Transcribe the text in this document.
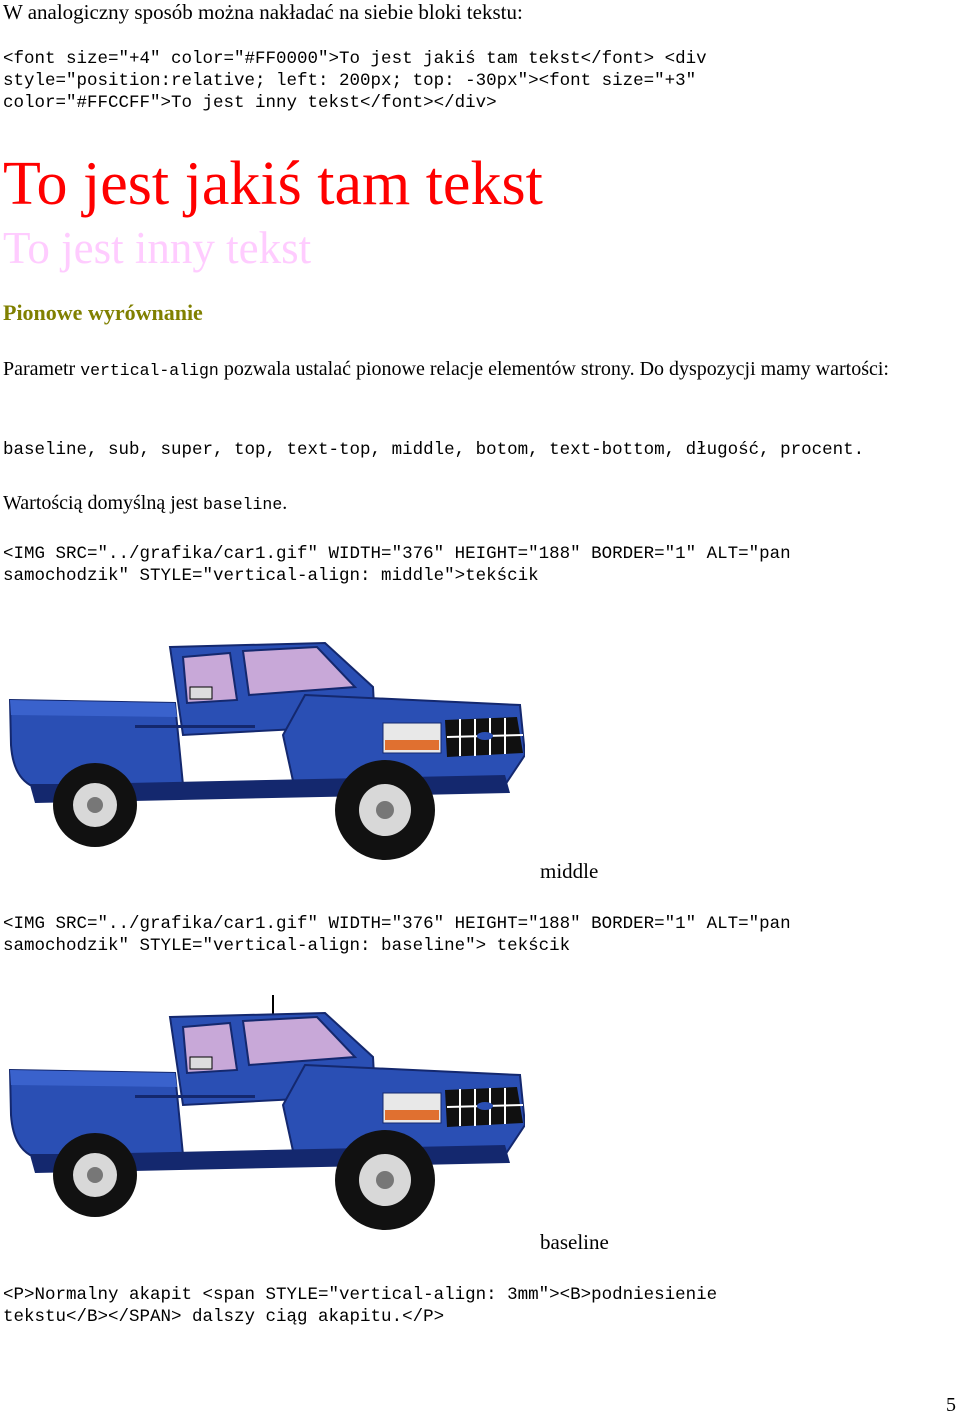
W analogiczny sposób można nakładać na siebie bloki tekstu:

<font size="+4" color="#FF0000">To jest jakiś tam tekst</font> <div
style="position:relative; left: 200px; top: -30px"><font size="+3"
color="#FFCCFF">To jest inny tekst</font></div>
To jest jakiś tam tekst
To jest inny tekst
Pionowe wyrównanie
Parametr vertical-align pozwala ustalać pionowe relacje elementów strony. Do dyspozycji mamy wartości:
baseline, sub, super, top, text-top, middle, botom, text-bottom, długość, procent.
Wartością domyślną jest baseline.
<IMG SRC="../grafika/car1.gif" WIDTH="376" HEIGHT="188" BORDER="1" ALT="pan
samochodzik" STYLE="vertical-align: middle">tekścik
middle
<IMG SRC="../grafika/car1.gif" WIDTH="376" HEIGHT="188" BORDER="1" ALT="pan
samochodzik" STYLE="vertical-align: baseline"> tekścik
baseline
<P>Normalny akapit <span STYLE="vertical-align: 3mm"><B>podniesienie
tekstu</B></SPAN> dalszy ciąg akapitu.</P>
5
